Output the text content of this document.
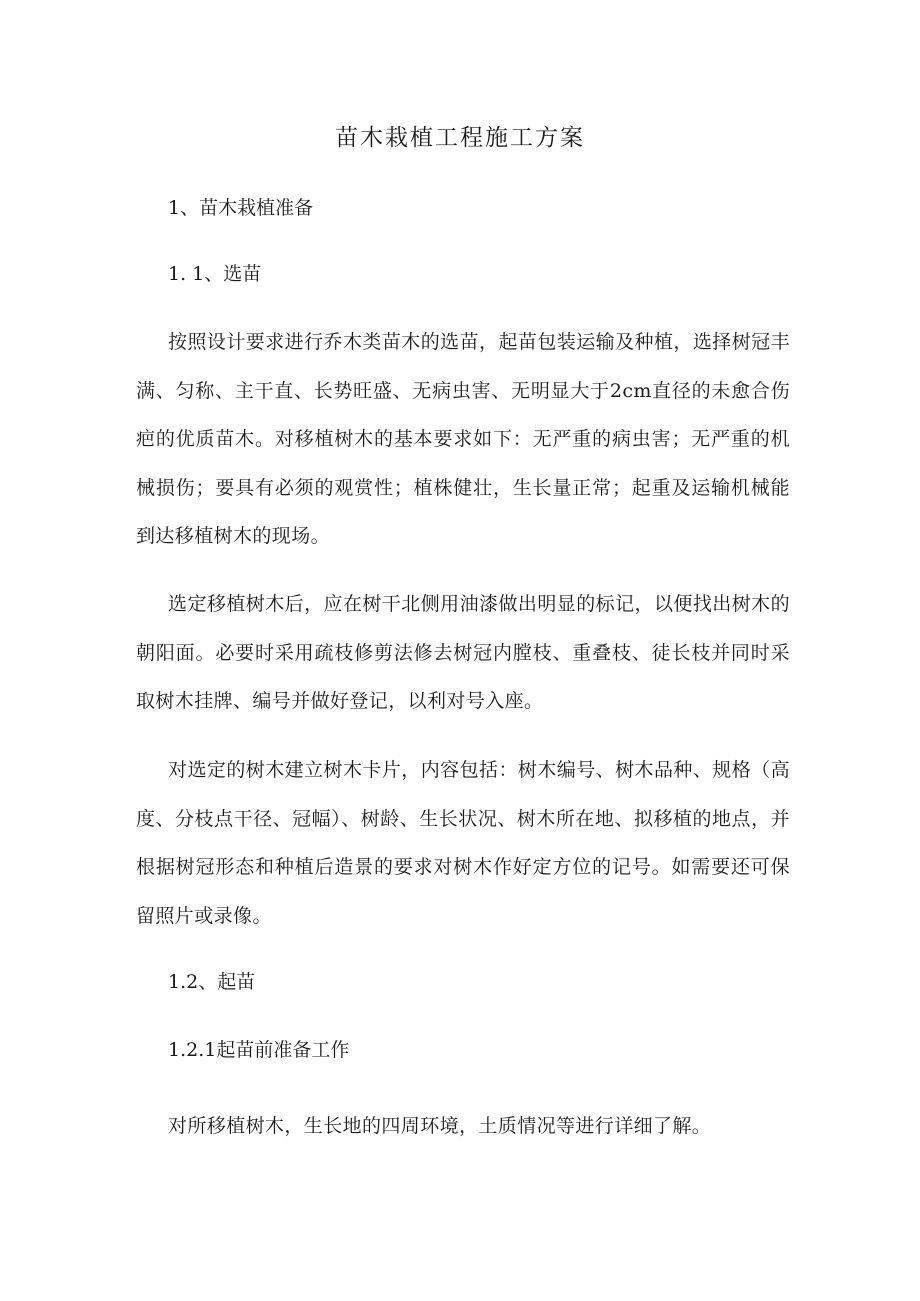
苗木栽植工程施工方案
1、苗木栽植准备
1. 1、选苗
按照设计要求进行乔木类苗木的选苗，起苗包装运输及种植，选择树冠丰满、匀称、主干直、长势旺盛、无病虫害、无明显大于2cm直径的未愈合伤疤的优质苗木。对移植树木的基本要求如下：无严重的病虫害；无严重的机械损伤；要具有必须的观赏性；植株健壮，生长量正常；起重及运输机械能到达移植树木的现场。
选定移植树木后，应在树干北侧用油漆做出明显的标记，以便找出树木的朝阳面。必要时采用疏枝修剪法修去树冠内膛枝、重叠枝、徒长枝并同时采取树木挂牌、编号并做好登记，以利对号入座。
对选定的树木建立树木卡片，内容包括：树木编号、树木品种、规格（高度、分枝点干径、冠幅）、树龄、生长状况、树木所在地、拟移植的地点，并根据树冠形态和种植后造景的要求对树木作好定方位的记号。如需要还可保留照片或录像。
1.2、起苗
1.2.1起苗前准备工作
对所移植树木，生长地的四周环境，土质情况等进行详细了解。
